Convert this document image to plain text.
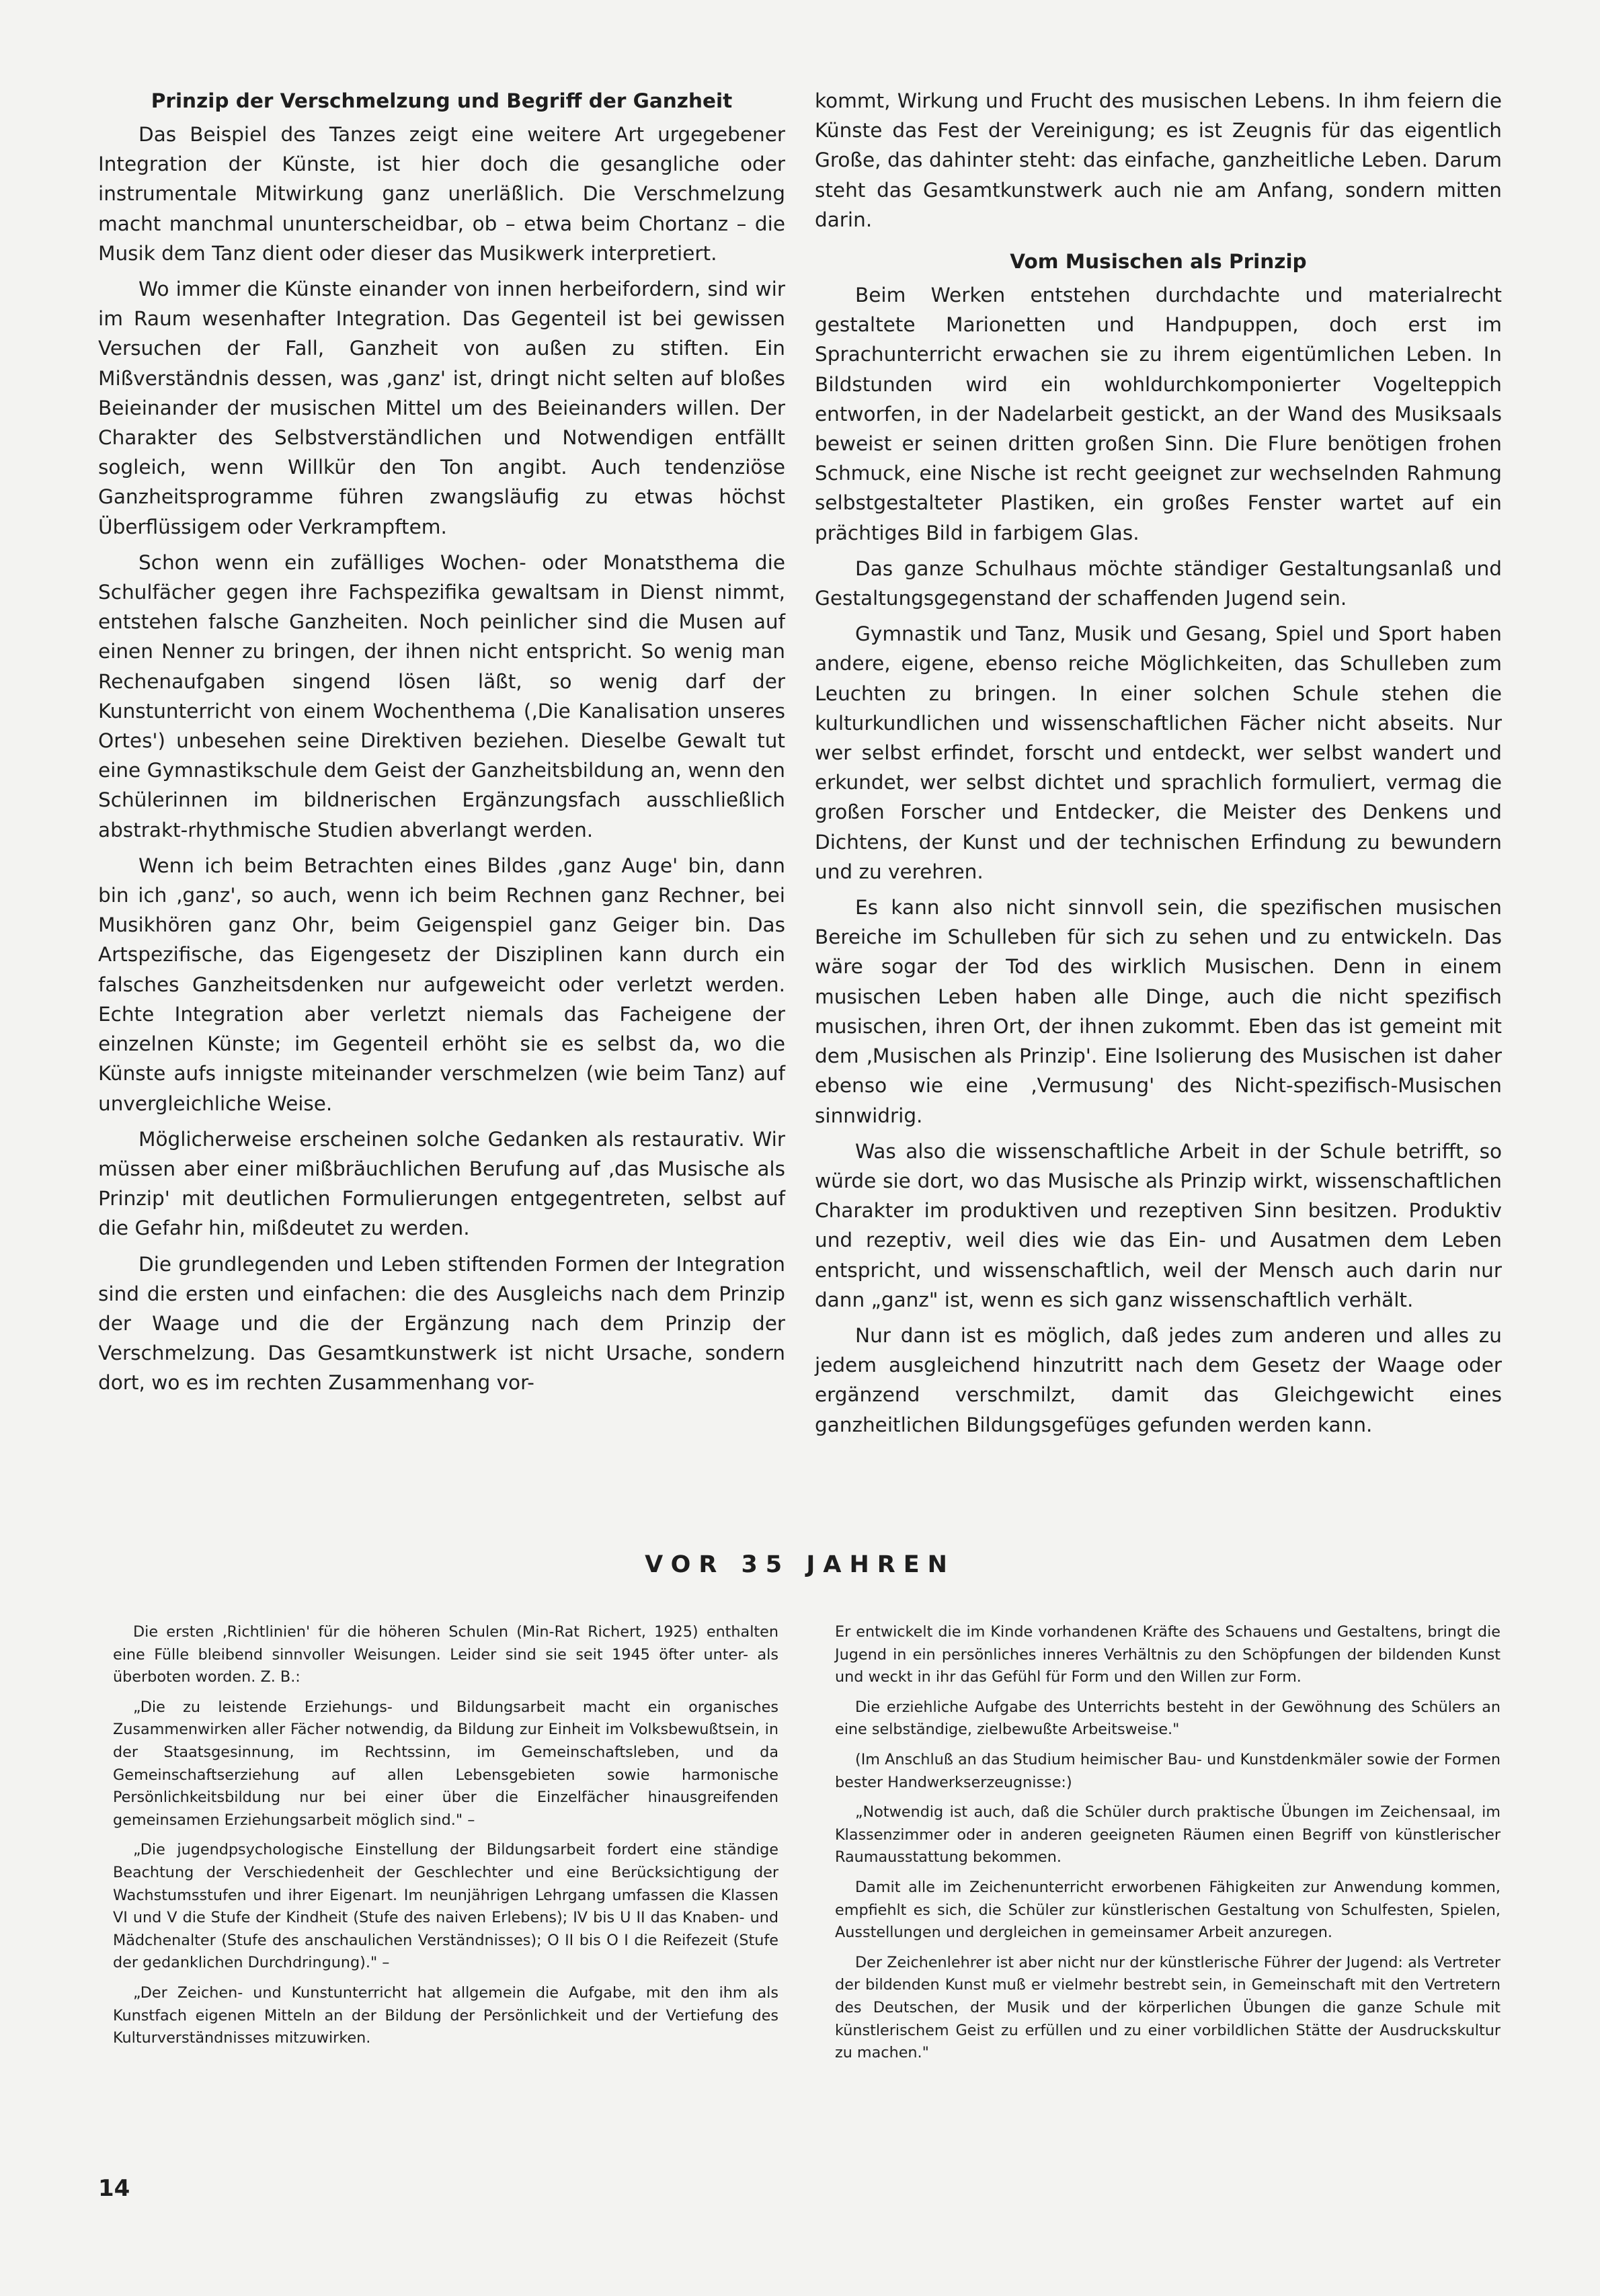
Prinzip der Verschmelzung und Begriff der Ganzheit

Das Beispiel des Tanzes zeigt eine weitere Art urgegebener Integration der Künste, ist hier doch die gesangliche oder instrumentale Mitwirkung ganz unerläßlich. Die Verschmelzung macht manchmal ununterscheidbar, ob – etwa beim Chortanz – die Musik dem Tanz dient oder dieser das Musikwerk interpretiert.

Wo immer die Künste einander von innen herbeifordern, sind wir im Raum wesenhafter Integration. Das Gegenteil ist bei gewissen Versuchen der Fall, Ganzheit von außen zu stiften. Ein Mißverständnis dessen, was ‚ganz' ist, dringt nicht selten auf bloßes Beieinander der musischen Mittel um des Beieinanders willen. Der Charakter des Selbstverständlichen und Notwendigen entfällt sogleich, wenn Willkür den Ton angibt. Auch tendenziöse Ganzheitsprogramme führen zwangsläufig zu etwas höchst Überflüssigem oder Verkrampftem.

Schon wenn ein zufälliges Wochen- oder Monatsthema die Schulfächer gegen ihre Fachspezifika gewaltsam in Dienst nimmt, entstehen falsche Ganzheiten. Noch peinlicher sind die Musen auf einen Nenner zu bringen, der ihnen nicht entspricht. So wenig man Rechenaufgaben singend lösen läßt, so wenig darf der Kunstunterricht von einem Wochenthema (‚Die Kanalisation unseres Ortes') unbesehen seine Direktiven beziehen. Dieselbe Gewalt tut eine Gymnastikschule dem Geist der Ganzheitsbildung an, wenn den Schülerinnen im bildnerischen Ergänzungsfach ausschließlich abstrakt-rhythmische Studien abverlangt werden.

Wenn ich beim Betrachten eines Bildes ‚ganz Auge' bin, dann bin ich ‚ganz', so auch, wenn ich beim Rechnen ganz Rechner, bei Musikhören ganz Ohr, beim Geigenspiel ganz Geiger bin. Das Artspezifische, das Eigengesetz der Disziplinen kann durch ein falsches Ganzheitsdenken nur aufgeweicht oder verletzt werden. Echte Integration aber verletzt niemals das Facheigene der einzelnen Künste; im Gegenteil erhöht sie es selbst da, wo die Künste aufs innigste miteinander verschmelzen (wie beim Tanz) auf unvergleichliche Weise.

Möglicherweise erscheinen solche Gedanken als restaurativ. Wir müssen aber einer mißbräuchlichen Berufung auf ‚das Musische als Prinzip' mit deutlichen Formulierungen entgegentreten, selbst auf die Gefahr hin, mißdeutet zu werden.

Die grundlegenden und Leben stiftenden Formen der Integration sind die ersten und einfachen: die des Ausgleichs nach dem Prinzip der Waage und die der Ergänzung nach dem Prinzip der Verschmelzung. Das Gesamtkunstwerk ist nicht Ursache, sondern dort, wo es im rechten Zusammenhang vor-

kommt, Wirkung und Frucht des musischen Lebens. In ihm feiern die Künste das Fest der Vereinigung; es ist Zeugnis für das eigentlich Große, das dahinter steht: das einfache, ganzheitliche Leben. Darum steht das Gesamtkunstwerk auch nie am Anfang, sondern mitten darin.

Vom Musischen als Prinzip

Beim Werken entstehen durchdachte und materialrecht gestaltete Marionetten und Handpuppen, doch erst im Sprachunterricht erwachen sie zu ihrem eigentümlichen Leben. In Bildstunden wird ein wohldurchkomponierter Vogelteppich entworfen, in der Nadelarbeit gestickt, an der Wand des Musiksaals beweist er seinen dritten großen Sinn. Die Flure benötigen frohen Schmuck, eine Nische ist recht geeignet zur wechselnden Rahmung selbstgestalteter Plastiken, ein großes Fenster wartet auf ein prächtiges Bild in farbigem Glas.

Das ganze Schulhaus möchte ständiger Gestaltungsanlaß und Gestaltungsgegenstand der schaffenden Jugend sein.

Gymnastik und Tanz, Musik und Gesang, Spiel und Sport haben andere, eigene, ebenso reiche Möglichkeiten, das Schulleben zum Leuchten zu bringen. In einer solchen Schule stehen die kulturkundlichen und wissenschaftlichen Fächer nicht abseits. Nur wer selbst erfindet, forscht und entdeckt, wer selbst wandert und erkundet, wer selbst dichtet und sprachlich formuliert, vermag die großen Forscher und Entdecker, die Meister des Denkens und Dichtens, der Kunst und der technischen Erfindung zu bewundern und zu verehren.

Es kann also nicht sinnvoll sein, die spezifischen musischen Bereiche im Schulleben für sich zu sehen und zu entwickeln. Das wäre sogar der Tod des wirklich Musischen. Denn in einem musischen Leben haben alle Dinge, auch die nicht spezifisch musischen, ihren Ort, der ihnen zukommt. Eben das ist gemeint mit dem ‚Musischen als Prinzip'. Eine Isolierung des Musischen ist daher ebenso wie eine ‚Vermusung' des Nicht-spezifisch-Musischen sinnwidrig.

Was also die wissenschaftliche Arbeit in der Schule betrifft, so würde sie dort, wo das Musische als Prinzip wirkt, wissenschaftlichen Charakter im produktiven und rezeptiven Sinn besitzen. Produktiv und rezeptiv, weil dies wie das Ein- und Ausatmen dem Leben entspricht, und wissenschaftlich, weil der Mensch auch darin nur dann „ganz" ist, wenn es sich ganz wissenschaftlich verhält.

Nur dann ist es möglich, daß jedes zum anderen und alles zu jedem ausgleichend hinzutritt nach dem Gesetz der Waage oder ergänzend verschmilzt, damit das Gleichgewicht eines ganzheitlichen Bildungsgefüges gefunden werden kann.

VOR 35 JAHREN

Die ersten ‚Richtlinien' für die höheren Schulen (Min-Rat Richert, 1925) enthalten eine Fülle bleibend sinnvoller Weisungen. Leider sind sie seit 1945 öfter unter- als überboten worden. Z. B.:

„Die zu leistende Erziehungs- und Bildungsarbeit macht ein organisches Zusammenwirken aller Fächer notwendig, da Bildung zur Einheit im Volksbewußtsein, in der Staatsgesinnung, im Rechtssinn, im Gemeinschaftsleben, und da Gemeinschaftserziehung auf allen Lebensgebieten sowie harmonische Persönlichkeitsbildung nur bei einer über die Einzelfächer hinausgreifenden gemeinsamen Erziehungsarbeit möglich sind." –

„Die jugendpsychologische Einstellung der Bildungsarbeit fordert eine ständige Beachtung der Verschiedenheit der Geschlechter und eine Berücksichtigung der Wachstumsstufen und ihrer Eigenart. Im neunjährigen Lehrgang umfassen die Klassen VI und V die Stufe der Kindheit (Stufe des naiven Erlebens); IV bis U II das Knaben- und Mädchenalter (Stufe des anschaulichen Verständnisses); O II bis O I die Reifezeit (Stufe der gedanklichen Durchdringung)." –

„Der Zeichen- und Kunstunterricht hat allgemein die Aufgabe, mit den ihm als Kunstfach eigenen Mitteln an der Bildung der Persönlichkeit und der Vertiefung des Kulturverständnisses mitzuwirken.

Er entwickelt die im Kinde vorhandenen Kräfte des Schauens und Gestaltens, bringt die Jugend in ein persönliches inneres Verhältnis zu den Schöpfungen der bildenden Kunst und weckt in ihr das Gefühl für Form und den Willen zur Form.

Die erziehliche Aufgabe des Unterrichts besteht in der Gewöhnung des Schülers an eine selbständige, zielbewußte Arbeitsweise."

(Im Anschluß an das Studium heimischer Bau- und Kunstdenkmäler sowie der Formen bester Handwerkserzeugnisse:)

„Notwendig ist auch, daß die Schüler durch praktische Übungen im Zeichensaal, im Klassenzimmer oder in anderen geeigneten Räumen einen Begriff von künstlerischer Raumausstattung bekommen.

Damit alle im Zeichenunterricht erworbenen Fähigkeiten zur Anwendung kommen, empfiehlt es sich, die Schüler zur künstlerischen Gestaltung von Schulfesten, Spielen, Ausstellungen und dergleichen in gemeinsamer Arbeit anzuregen.

Der Zeichenlehrer ist aber nicht nur der künstlerische Führer der Jugend: als Vertreter der bildenden Kunst muß er vielmehr bestrebt sein, in Gemeinschaft mit den Vertretern des Deutschen, der Musik und der körperlichen Übungen die ganze Schule mit künstlerischem Geist zu erfüllen und zu einer vorbildlichen Stätte der Ausdruckskultur zu machen."

14
